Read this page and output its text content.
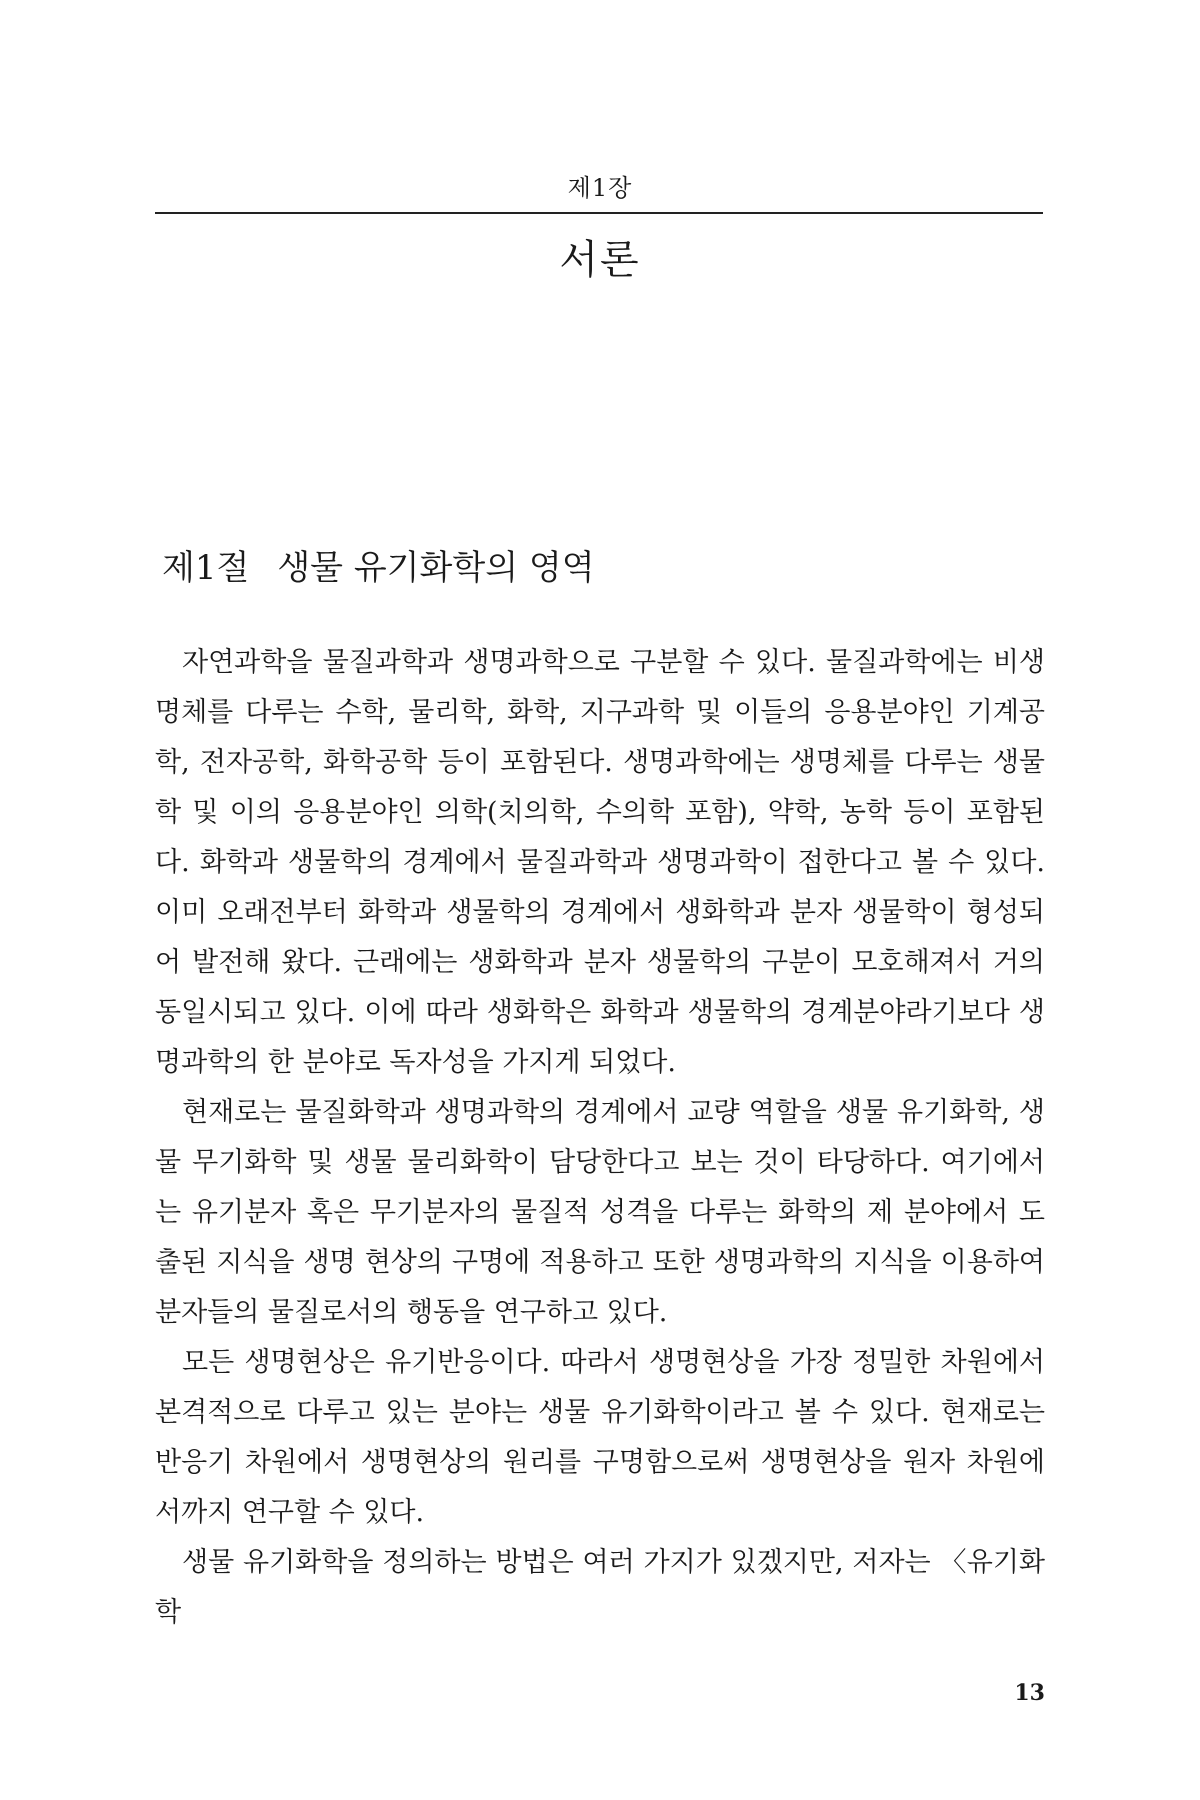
제1장
서론
제1절 생물 유기화학의 영역

자연과학을 물질과학과 생명과학으로 구분할 수 있다. 물질과학에는 비생명체를 다루는 수학, 물리학, 화학, 지구과학 및 이들의 응용분야인 기계공학, 전자공학, 화학공학 등이 포함된다. 생명과학에는 생명체를 다루는 생물학 및 이의 응용분야인 의학(치의학, 수의학 포함), 약학, 농학 등이 포함된다. 화학과 생물학의 경계에서 물질과학과 생명과학이 접한다고 볼 수 있다. 이미 오래전부터 화학과 생물학의 경계에서 생화학과 분자 생물학이 형성되어 발전해 왔다. 근래에는 생화학과 분자 생물학의 구분이 모호해져서 거의 동일시되고 있다. 이에 따라 생화학은 화학과 생물학의 경계분야라기보다 생명과학의 한 분야로 독자성을 가지게 되었다.

현재로는 물질화학과 생명과학의 경계에서 교량 역할을 생물 유기화학, 생물 무기화학 및 생물 물리화학이 담당한다고 보는 것이 타당하다. 여기에서는 유기분자 혹은 무기분자의 물질적 성격을 다루는 화학의 제 분야에서 도출된 지식을 생명 현상의 구명에 적용하고 또한 생명과학의 지식을 이용하여 분자들의 물질로서의 행동을 연구하고 있다.

모든 생명현상은 유기반응이다. 따라서 생명현상을 가장 정밀한 차원에서 본격적으로 다루고 있는 분야는 생물 유기화학이라고 볼 수 있다. 현재로는 반응기 차원에서 생명현상의 원리를 구명함으로써 생명현상을 원자 차원에서까지 연구할 수 있다.

생물 유기화학을 정의하는 방법은 여러 가지가 있겠지만, 저자는 〈유기화학

13
